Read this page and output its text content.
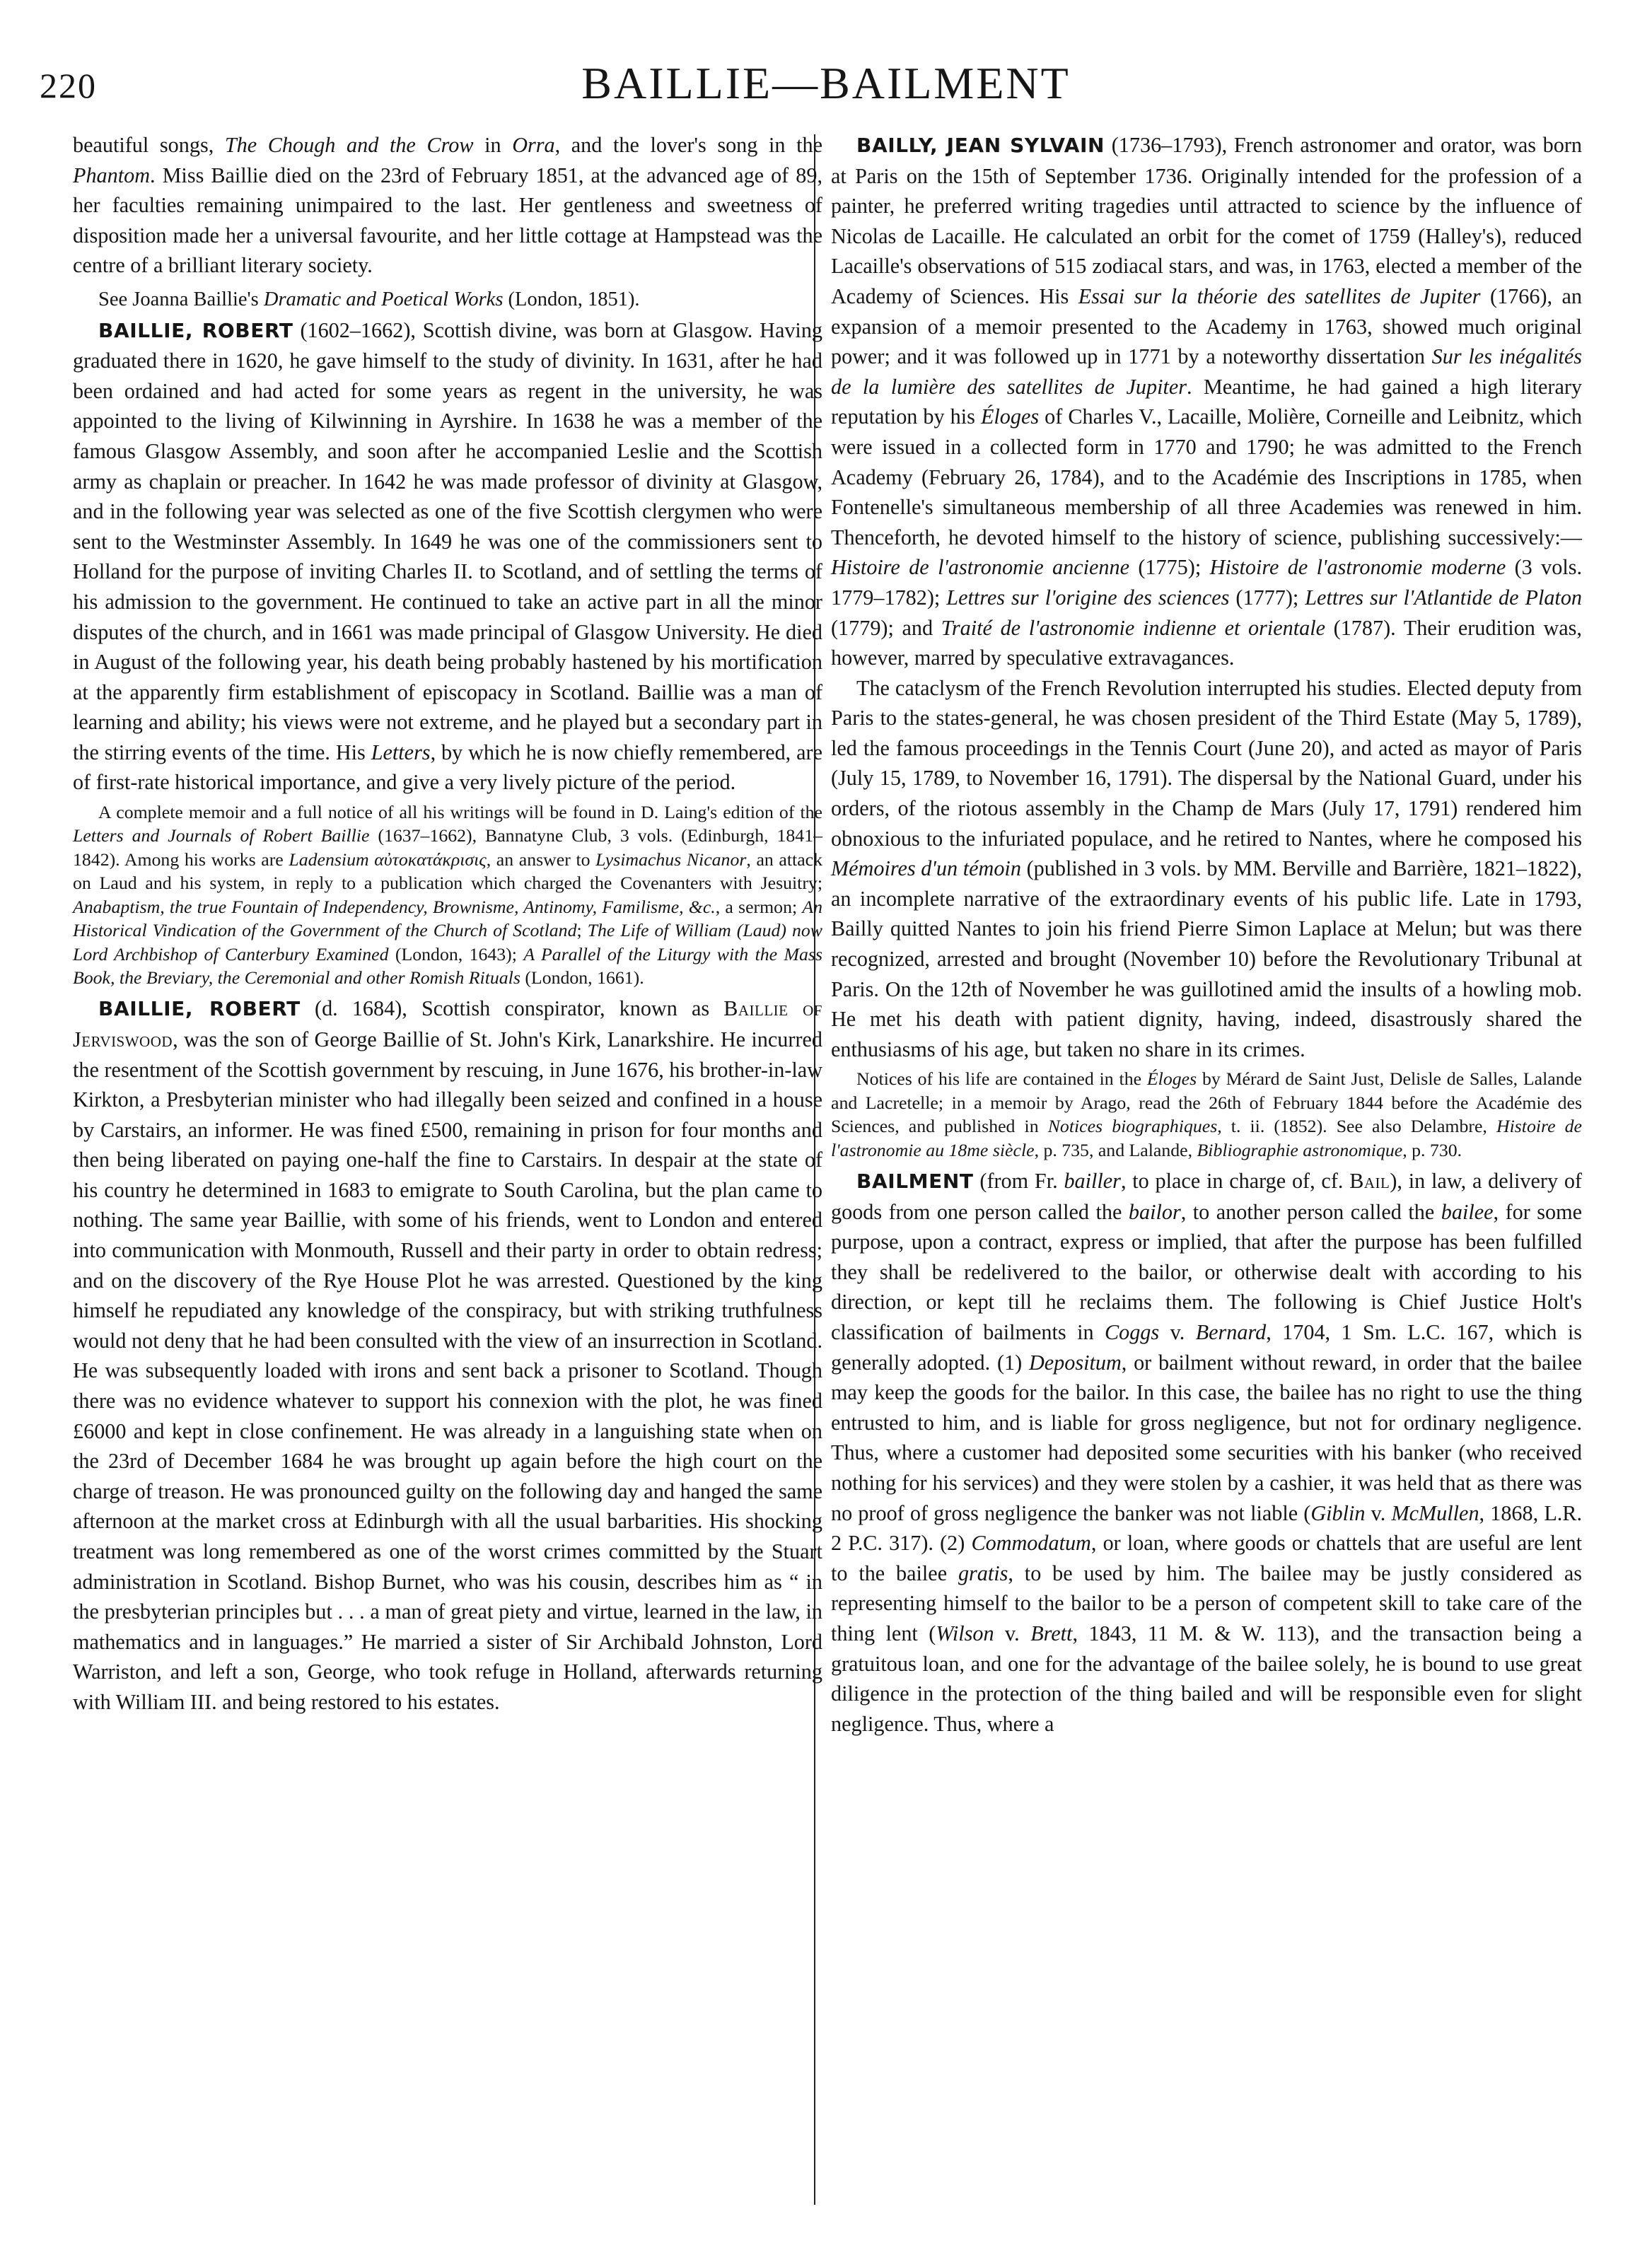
220	BAILLIE—BAILMENT

beautiful songs, The Chough and the Crow in Orra, and the lover's song in the Phantom. Miss Baillie died on the 23rd of February 1851, at the advanced age of 89, her faculties remaining unimpaired to the last. Her gentleness and sweetness of disposition made her a universal favourite, and her little cottage at Hampstead was the centre of a brilliant literary society.

See Joanna Baillie's Dramatic and Poetical Works (London, 1851).

BAILLIE, ROBERT (1602–1662), Scottish divine, was born at Glasgow. Having graduated there in 1620, he gave himself to the study of divinity. In 1631, after he had been ordained and had acted for some years as regent in the university, he was appointed to the living of Kilwinning in Ayrshire. In 1638 he was a member of the famous Glasgow Assembly, and soon after he accompanied Leslie and the Scottish army as chaplain or preacher. In 1642 he was made professor of divinity at Glasgow, and in the following year was selected as one of the five Scottish clergymen who were sent to the Westminster Assembly. In 1649 he was one of the commissioners sent to Holland for the purpose of inviting Charles II. to Scotland, and of settling the terms of his admission to the government. He continued to take an active part in all the minor disputes of the church, and in 1661 was made principal of Glasgow University. He died in August of the following year, his death being probably hastened by his mortification at the apparently firm establishment of episcopacy in Scotland. Baillie was a man of learning and ability; his views were not extreme, and he played but a secondary part in the stirring events of the time. His Letters, by which he is now chiefly remembered, are of first-rate historical importance, and give a very lively picture of the period.

A complete memoir and a full notice of all his writings will be found in D. Laing's edition of the Letters and Journals of Robert Baillie (1637–1662), Bannatyne Club, 3 vols. (Edinburgh, 1841–1842). Among his works are Ladensium αὐτοκατάκρισις, an answer to Lysimachus Nicanor, an attack on Laud and his system, in reply to a publication which charged the Covenanters with Jesuitry; Anabaptism, the true Fountain of Independency, Brownisme, Antinomy, Familisme, &c., a sermon; An Historical Vindication of the Government of the Church of Scotland; The Life of William (Laud) now Lord Archbishop of Canterbury Examined (London, 1643); A Parallel of the Liturgy with the Mass Book, the Breviary, the Ceremonial and other Romish Rituals (London, 1661).

BAILLIE, ROBERT (d. 1684), Scottish conspirator, known as Baillie of Jerviswood, was the son of George Baillie of St. John's Kirk, Lanarkshire. He incurred the resentment of the Scottish government by rescuing, in June 1676, his brother-in-law Kirkton, a Presbyterian minister who had illegally been seized and confined in a house by Carstairs, an informer. He was fined £500, remaining in prison for four months and then being liberated on paying one-half the fine to Carstairs. In despair at the state of his country he determined in 1683 to emigrate to South Carolina, but the plan came to nothing. The same year Baillie, with some of his friends, went to London and entered into communication with Monmouth, Russell and their party in order to obtain redress; and on the discovery of the Rye House Plot he was arrested. Questioned by the king himself he repudiated any knowledge of the conspiracy, but with striking truthfulness would not deny that he had been consulted with the view of an insurrection in Scotland. He was subsequently loaded with irons and sent back a prisoner to Scotland. Though there was no evidence whatever to support his connexion with the plot, he was fined £6000 and kept in close confinement. He was already in a languishing state when on the 23rd of December 1684 he was brought up again before the high court on the charge of treason. He was pronounced guilty on the following day and hanged the same afternoon at the market cross at Edinburgh with all the usual barbarities. His shocking treatment was long remembered as one of the worst crimes committed by the Stuart administration in Scotland. Bishop Burnet, who was his cousin, describes him as “ in the presbyterian principles but . . . a man of great piety and virtue, learned in the law, in mathematics and in languages.” He married a sister of Sir Archibald Johnston, Lord Warriston, and left a son, George, who took refuge in Holland, afterwards returning with William III. and being restored to his estates.

BAILLY, JEAN SYLVAIN (1736–1793), French astronomer and orator, was born at Paris on the 15th of September 1736. Originally intended for the profession of a painter, he preferred writing tragedies until attracted to science by the influence of Nicolas de Lacaille. He calculated an orbit for the comet of 1759 (Halley's), reduced Lacaille's observations of 515 zodiacal stars, and was, in 1763, elected a member of the Academy of Sciences. His Essai sur la théorie des satellites de Jupiter (1766), an expansion of a memoir presented to the Academy in 1763, showed much original power; and it was followed up in 1771 by a noteworthy dissertation Sur les inégalités de la lumière des satellites de Jupiter. Meantime, he had gained a high literary reputation by his Éloges of Charles V., Lacaille, Molière, Corneille and Leibnitz, which were issued in a collected form in 1770 and 1790; he was admitted to the French Academy (February 26, 1784), and to the Académie des Inscriptions in 1785, when Fontenelle's simultaneous membership of all three Academies was renewed in him. Thenceforth, he devoted himself to the history of science, publishing successively:—Histoire de l'astronomie ancienne (1775); Histoire de l'astronomie moderne (3 vols. 1779–1782); Lettres sur l'origine des sciences (1777); Lettres sur l'Atlantide de Platon (1779); and Traité de l'astronomie indienne et orientale (1787). Their erudition was, however, marred by speculative extravagances.

The cataclysm of the French Revolution interrupted his studies. Elected deputy from Paris to the states-general, he was chosen president of the Third Estate (May 5, 1789), led the famous proceedings in the Tennis Court (June 20), and acted as mayor of Paris (July 15, 1789, to November 16, 1791). The dispersal by the National Guard, under his orders, of the riotous assembly in the Champ de Mars (July 17, 1791) rendered him obnoxious to the infuriated populace, and he retired to Nantes, where he composed his Mémoires d'un témoin (published in 3 vols. by MM. Berville and Barrière, 1821–1822), an incomplete narrative of the extraordinary events of his public life. Late in 1793, Bailly quitted Nantes to join his friend Pierre Simon Laplace at Melun; but was there recognized, arrested and brought (November 10) before the Revolutionary Tribunal at Paris. On the 12th of November he was guillotined amid the insults of a howling mob. He met his death with patient dignity, having, indeed, disastrously shared the enthusiasms of his age, but taken no share in its crimes.

Notices of his life are contained in the Éloges by Mérard de Saint Just, Delisle de Salles, Lalande and Lacretelle; in a memoir by Arago, read the 26th of February 1844 before the Académie des Sciences, and published in Notices biographiques, t. ii. (1852). See also Delambre, Histoire de l'astronomie au 18me siècle, p. 735, and Lalande, Bibliographie astronomique, p. 730.

BAILMENT (from Fr. bailler, to place in charge of, cf. Bail), in law, a delivery of goods from one person called the bailor, to another person called the bailee, for some purpose, upon a contract, express or implied, that after the purpose has been fulfilled they shall be redelivered to the bailor, or otherwise dealt with according to his direction, or kept till he reclaims them. The following is Chief Justice Holt's classification of bailments in Coggs v. Bernard, 1704, 1 Sm. L.C. 167, which is generally adopted. (1) Depositum, or bailment without reward, in order that the bailee may keep the goods for the bailor. In this case, the bailee has no right to use the thing entrusted to him, and is liable for gross negligence, but not for ordinary negligence. Thus, where a customer had deposited some securities with his banker (who received nothing for his services) and they were stolen by a cashier, it was held that as there was no proof of gross negligence the banker was not liable (Giblin v. McMullen, 1868, L.R. 2 P.C. 317). (2) Commodatum, or loan, where goods or chattels that are useful are lent to the bailee gratis, to be used by him. The bailee may be justly considered as representing himself to the bailor to be a person of competent skill to take care of the thing lent (Wilson v. Brett, 1843, 11 M. & W. 113), and the transaction being a gratuitous loan, and one for the advantage of the bailee solely, he is bound to use great diligence in the protection of the thing bailed and will be responsible even for slight negligence. Thus, where a
